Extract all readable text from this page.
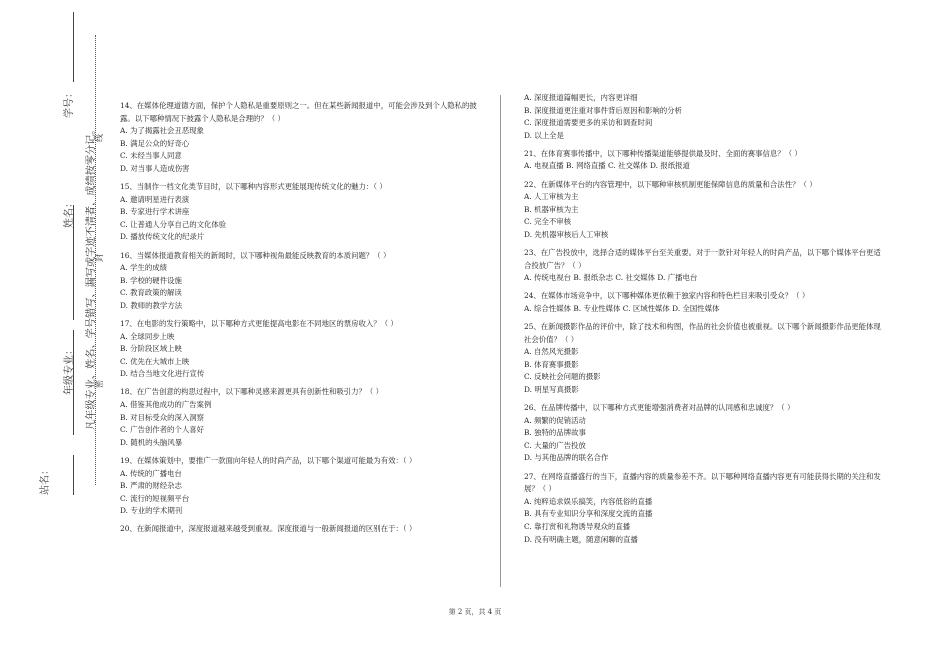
学号：
姓名：
年级专业：
站名：
凡年级专业、姓名、学号错写、漏写或字迹不清者，成绩按零分记。
密
封
线
14、在媒体伦理道德方面，保护个人隐私是重要原则之一。但在某些新闻报道中，可能会涉及到个人隐私的披露。以下哪种情况下披露个人隐私是合理的？（ ）
A. 为了揭露社会丑恶现象
B. 满足公众的好奇心
C. 未经当事人同意
D. 对当事人造成伤害
15、当制作一档文化类节目时，以下哪种内容形式更能展现传统文化的魅力：（ ）
A. 邀请明星进行表演
B. 专家进行学术讲座
C. 让普通人分享自己的文化体验
D. 播放传统文化的纪录片
16、当媒体报道教育相关的新闻时，以下哪种视角最能反映教育的本质问题？（ ）
A. 学生的成绩
B. 学校的硬件设施
C. 教育政策的解读
D. 教师的教学方法
17、在电影的发行策略中，以下哪种方式更能提高电影在不同地区的票房收入？（ ）
A. 全球同步上映
B. 分阶段区域上映
C. 优先在大城市上映
D. 结合当地文化进行宣传
18、在广告创意的构思过程中，以下哪种灵感来源更具有创新性和吸引力？（ ）
A. 借鉴其他成功的广告案例
B. 对目标受众的深入洞察
C. 广告创作者的个人喜好
D. 随机的头脑风暴
19、在媒体策划中，要推广一款面向年轻人的时尚产品，以下哪个渠道可能最为有效：（ ）
A. 传统的广播电台
B. 严肃的财经杂志
C. 流行的短视频平台
D. 专业的学术期刊
20、在新闻报道中，深度报道越来越受到重视。深度报道与一般新闻报道的区别在于：（ ）
A. 深度报道篇幅更长，内容更详细
B. 深度报道更注重对事件背后原因和影响的分析
C. 深度报道需要更多的采访和调查时间
D. 以上全是
21、在体育赛事传播中，以下哪种传播渠道能够提供最及时、全面的赛事信息？（ ）
A. 电视直播 B. 网络直播 C. 社交媒体 D. 报纸报道
22、在新媒体平台的内容管理中，以下哪种审核机制更能保障信息的质量和合法性？（ ）
A. 人工审核为主
B. 机器审核为主
C. 完全不审核
D. 先机器审核后人工审核
23、在广告投放中，选择合适的媒体平台至关重要。对于一款针对年轻人的时尚产品，以下哪个媒体平台更适合投放广告？（ ）
A. 传统电视台 B. 报纸杂志 C. 社交媒体 D. 广播电台
24、在媒体市场竞争中，以下哪种媒体更依赖于独家内容和特色栏目来吸引受众？（ ）
A. 综合性媒体 B. 专业性媒体 C. 区域性媒体 D. 全国性媒体
25、在新闻摄影作品的评价中，除了技术和构图，作品的社会价值也被重视。以下哪个新闻摄影作品更能体现社会价值？（ ）
A. 自然风光摄影
B. 体育赛事摄影
C. 反映社会问题的摄影
D. 明星写真摄影
26、在品牌传播中，以下哪种方式更能增强消费者对品牌的认同感和忠诚度？（ ）
A. 频繁的促销活动
B. 独特的品牌故事
C. 大量的广告投放
D. 与其他品牌的联名合作
27、在网络直播盛行的当下，直播内容的质量参差不齐。以下哪种网络直播内容更有可能获得长期的关注和发展？（ ）
A. 纯粹追求娱乐搞笑，内容低俗的直播
B. 具有专业知识分享和深度交流的直播
C. 靠打赏和礼物诱导观众的直播
D. 没有明确主题，随意闲聊的直播
第 2 页，共 4 页
